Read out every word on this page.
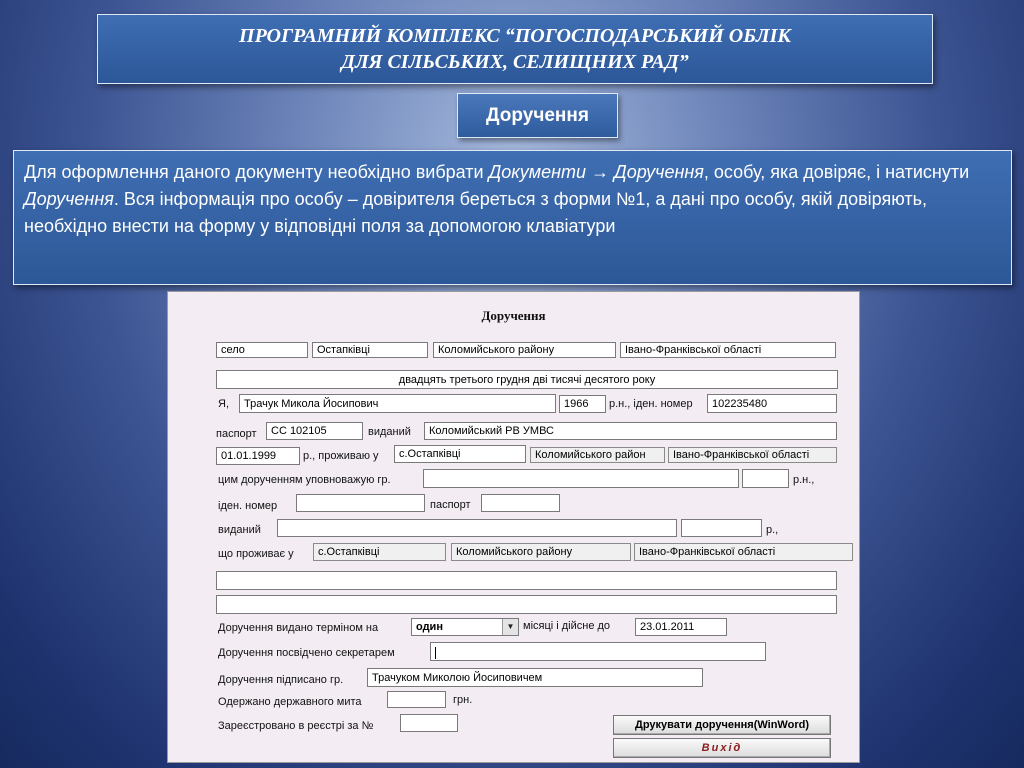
ПРОГРАМНИЙ КОМПЛЕКС “ПОГОСПОДАРСЬКИЙ ОБЛІК
ДЛЯ СІЛЬСЬКИХ, СЕЛИЩНИХ РАД”
Доручення
Для оформлення даного документу необхідно вибрати Документи → Доручення, особу, яка довіряє, і натиснути Доручення. Вся інформація про особу – довірителя береться з форми №1, а дані про особу, якій довіряють, необхідно внести на форму у відповідні поля за допомогою клавіатури
Доручення
село	Остапківці	Коломийського району	Івано-Франківської області
двадцять третього грудня дві тисячі десятого року
Я,	Трачук Микола Йосипович	1966	р.н., іден. номер	102235480
паспорт	СС 102105	виданий	Коломийський РВ УМВС
01.01.1999	р., проживаю у	с.Остапківці	Коломийського район	Івано-Франківської області
цим дорученням уповноважую гр.	р.н.,
іден. номер	паспорт
виданий	р.,
що проживає у	с.Остапківці	Коломийського району	Івано-Франківської області
Доручення видано терміном на	один	▼ місяці і дійсне до	23.01.2011
Доручення посвідчено секретарем
Доручення підписано гр.	Трачуком Миколою Йосиповичем
Одержано державного мита	грн.
Зареєстровано в реєстрі за №	Друкувати доручення(WinWord)
Вихід
